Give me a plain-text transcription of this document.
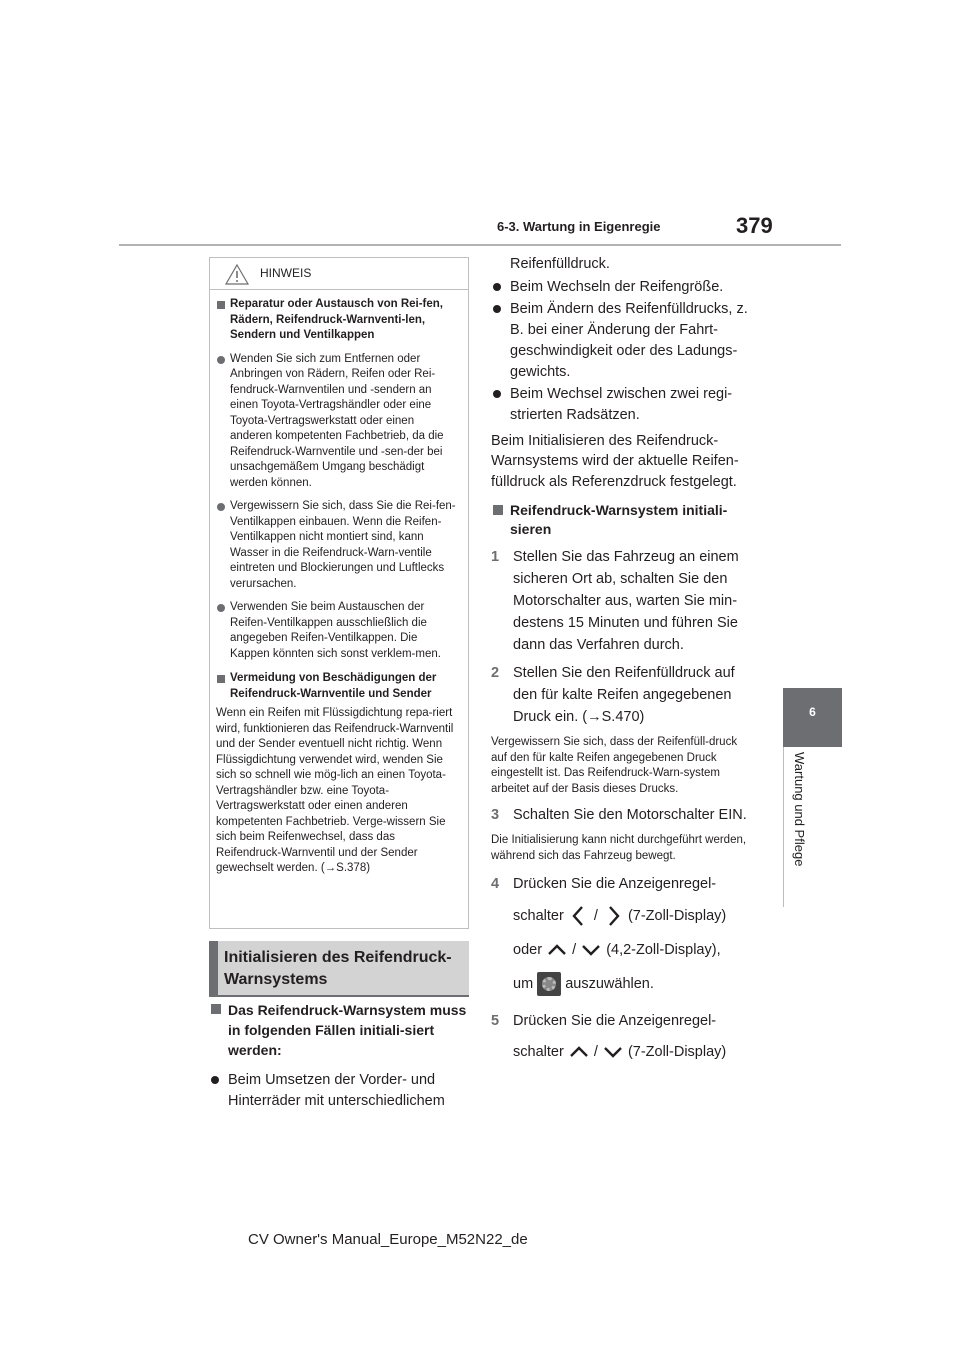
6-3. Wartung in Eigenregie	379
6
Wartung und Pflege
HINWEIS
Reparatur oder Austausch von Rei-fen, Rädern, Reifendruck-Warnventi-len, Sendern und Ventilkappen
Wenden Sie sich zum Entfernen oder Anbringen von Rädern, Reifen oder Rei-fendruck-Warnventilen und -sendern an einen Toyota-Vertragshändler oder eine Toyota-Vertragswerkstatt oder einen anderen kompetenten Fachbetrieb, da die Reifendruck-Warnventile und -sen-der bei unsachgemäßem Umgang beschädigt werden können.
Vergewissern Sie sich, dass Sie die Rei-fen-Ventilkappen einbauen. Wenn die Reifen-Ventilkappen nicht montiert sind, kann Wasser in die Reifendruck-Warn-ventile eintreten und Blockierungen und Luftlecks verursachen.
Verwenden Sie beim Austauschen der Reifen-Ventilkappen ausschließlich die angegeben Reifen-Ventilkappen. Die Kappen könnten sich sonst verklem-men.
Vermeidung von Beschädigungen der Reifendruck-Warnventile und Sender
Wenn ein Reifen mit Flüssigdichtung repa-riert wird, funktionieren das Reifendruck-Warnventil und der Sender eventuell nicht richtig. Wenn Flüssigdichtung verwendet wird, wenden Sie sich so schnell wie mög-lich an einen Toyota-Vertragshändler bzw. eine Toyota-Vertragswerkstatt oder einen anderen kompetenten Fachbetrieb. Verge-wissern Sie sich beim Reifenwechsel, dass das Reifendruck-Warnventil und der Sender gewechselt werden. (→S.378)
Initialisieren des Reifendruck-Warnsystems
Das Reifendruck-Warnsystem muss in folgenden Fällen initiali-siert werden:
Beim Umsetzen der Vorder- und Hinterräder mit unterschiedlichem
Reifenfülldruck.
Beim Wechseln der Reifengröße.
Beim Ändern des Reifenfülldrucks, z. B. bei einer Änderung der Fahrt-geschwindigkeit oder des Ladungs-gewichts.
Beim Wechsel zwischen zwei regi-strierten Radsätzen.
Beim Initialisieren des Reifendruck-Warnsystems wird der aktuelle Reifen-fülldruck als Referenzdruck festgelegt.
Reifendruck-Warnsystem initiali-sieren
1 Stellen Sie das Fahrzeug an einem sicheren Ort ab, schalten Sie den Motorschalter aus, warten Sie min-destens 15 Minuten und führen Sie dann das Verfahren durch.
2 Stellen Sie den Reifenfülldruck auf den für kalte Reifen angegebenen Druck ein. (→S.470)
Vergewissern Sie sich, dass der Reifenfüll-druck auf den für kalte Reifen angegebenen Druck eingestellt ist. Das Reifendruck-Warn-system arbeitet auf der Basis dieses Drucks.
3 Schalten Sie den Motorschalter EIN.
Die Initialisierung kann nicht durchgeführt werden, während sich das Fahrzeug bewegt.
4 Drücken Sie die Anzeigenregel-
schalter / (7-Zoll-Display)
oder / (4,2-Zoll-Display),
um auszuwählen.
5 Drücken Sie die Anzeigenregel-
schalter / (7-Zoll-Display)
CV Owner's Manual_Europe_M52N22_de
